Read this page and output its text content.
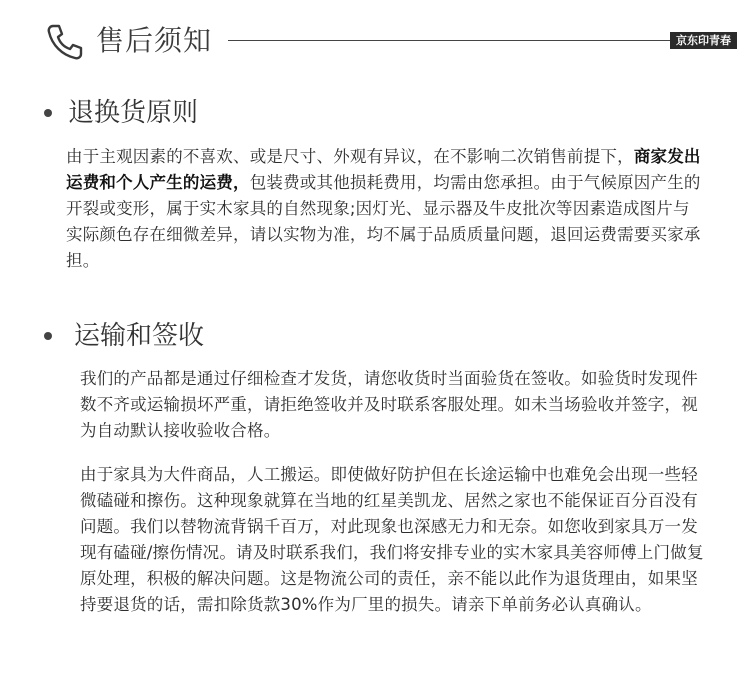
售后须知	京东印青春
退换货原则
由于主观因素的不喜欢、或是尺寸、外观有异议，在不影响二次销售前提下，商家发出运费和个人产生的运费，包装费或其他损耗费用，均需由您承担。由于气候原因产生的开裂或变形，属于实木家具的自然现象;因灯光、显示器及牛皮批次等因素造成图片与实际颜色存在细微差异，请以实物为准，均不属于品质质量问题，退回运费需要买家承担。
运输和签收
我们的产品都是通过仔细检查才发货，请您收货时当面验货在签收。如验货时发现件数不齐或运输损坏严重，请拒绝签收并及时联系客服处理。如未当场验收并签字，视为自动默认接收验收合格。
由于家具为大件商品，人工搬运。即使做好防护但在长途运输中也难免会出现一些轻微磕碰和擦伤。这种现象就算在当地的红星美凯龙、居然之家也不能保证百分百没有问题。我们以替物流背锅千百万，对此现象也深感无力和无奈。如您收到家具万一发现有磕碰/擦伤情况。请及时联系我们，我们将安排专业的实木家具美容师傅上门做复原处理，积极的解决问题。这是物流公司的责任，亲不能以此作为退货理由，如果坚持要退货的话，需扣除货款30%作为厂里的损失。请亲下单前务必认真确认。
